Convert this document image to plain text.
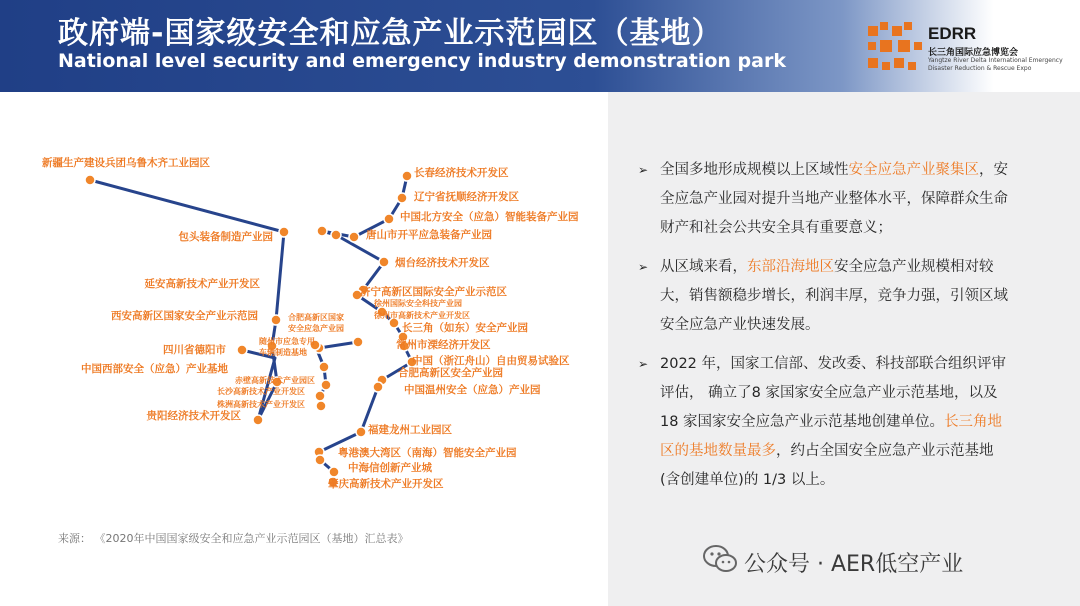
政府端-国家级安全和应急产业示范园区（基地）
National level security and emergency industry demonstration park
EDRR
长三角国际应急博览会
Yangtze River Delta International Emergency
Disaster Reduction & Rescue Expo
新疆生产建设兵团乌鲁木齐工业园区
包头装备制造产业园
延安高新技术产业开发区
西安高新区国家安全产业示范园
四川省德阳市
中国西部安全（应急）产业基地
贵阳经济技术开发区
长春经济技术开发区
辽宁省抚顺经济开发区
中国北方安全（应急）智能装备产业园
唐山市开平应急装备产业园
烟台经济技术开发区
济宁高新区国际安全产业示范区
徐州国际安全科技产业园
徐州市高新技术产业开发区
合肥高新区国家
安全应急产业园	长三角（如东）安全产业园
常州市溧经济开发区
随州市应急专用
车辆制造基地
中国（浙江舟山）自由贸易试验区
合肥高新区安全产业园
赤壁高新技术产业园区
长沙高新技术产业开发区
株洲高新技术产业开发区
中国温州安全（应急）产业园
福建龙州工业园区
粤港澳大湾区（南海）智能安全产业园
中海信创新产业城
肇庆高新技术产业开发区
➢ 全国多地形成规模以上区域性安全应急产业聚集区，安全应急产业园对提升当地产业整体水平，保障群众生命财产和社会公共安全具有重要意义；
➢ 从区域来看，东部沿海地区安全应急产业规模相对较大，销售额稳步增长，利润丰厚，竞争力强，引领区域安全应急产业快速发展。
➢ 2022 年，国家工信部、发改委、科技部联合组织评审评估， 确立了8 家国家安全应急产业示范基地，以及18 家国家安全应急产业示范基地创建单位。长三角地区的基地数量最多，约占全国安全应急产业示范基地(含创建单位)的 1/3 以上。
来源： 《2020年中国国家级安全和应急产业示范园区（基地）汇总表》
公众号 · AER低空产业
